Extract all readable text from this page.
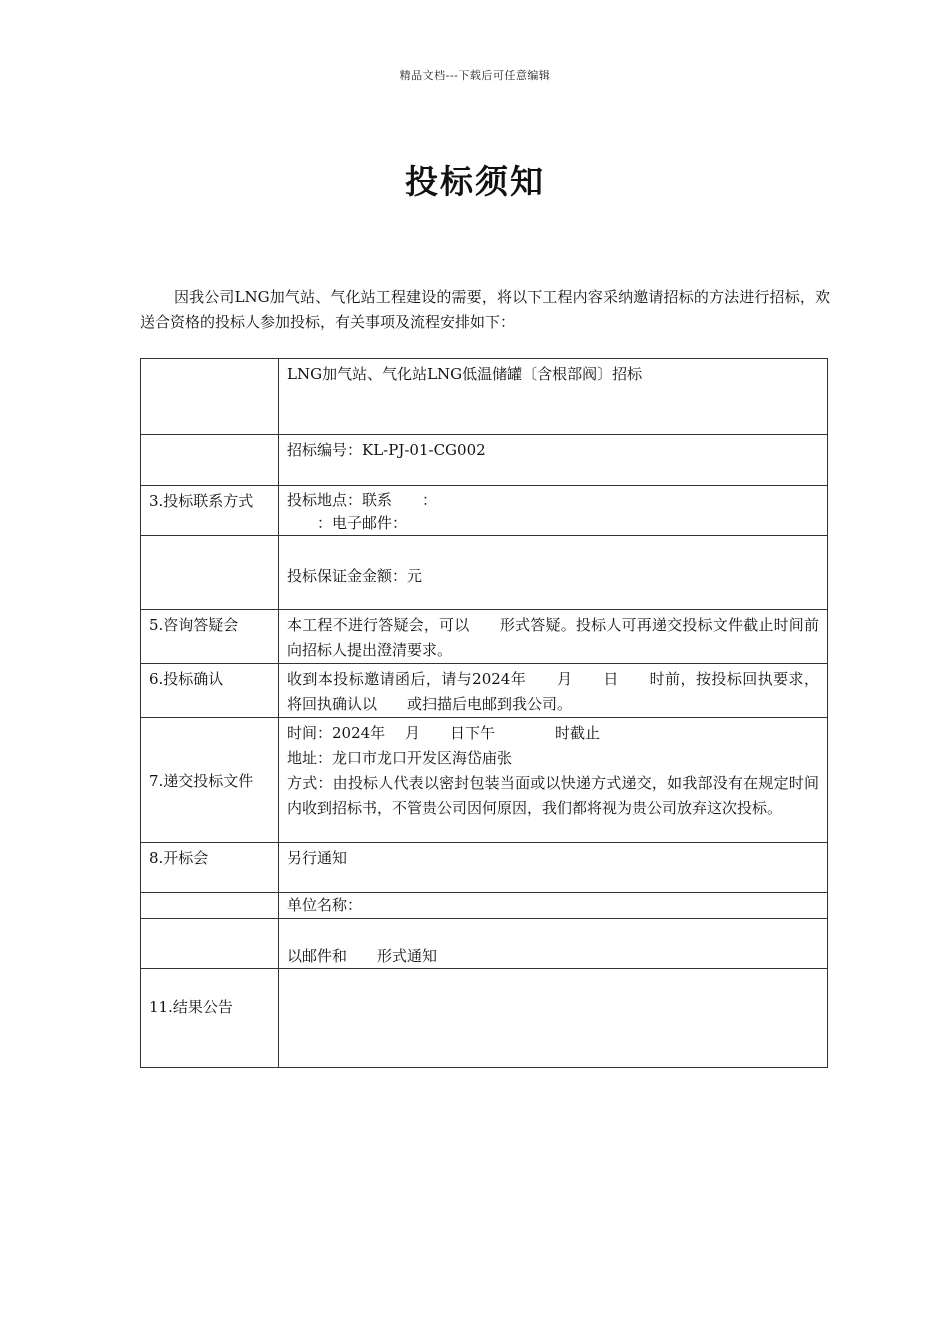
精品文档---下载后可任意编辑
投标须知

因我公司LNG加气站、气化站工程建设的需要，将以下工程内容采纳邀请招标的方法进行招标，欢送合资格的投标人参加投标，有关事项及流程安排如下：

	LNG加气站、气化站LNG低温储罐〔含根部阀〕招标

	招标编号：KL-PJ-01-CG002

3.投标联系方式	投标地点：联系　　：
　　：电子邮件：

	投标保证金金额：元

5.咨询答疑会	本工程不进行答疑会，可以　　形式答疑。投标人可再递交投标文件截止时间前向招标人提出澄清要求。

6.投标确认	收到本投标邀请函后，请与2024年　　月　　日　　时前，按投标回执要求，将回执确认以　　或扫描后电邮到我公司。

7.递交投标文件	时间：2024年　 月　　日下午　　　　时截止
地址：龙口市龙口开发区海岱庙张
方式：由投标人代表以密封包装当面或以快递方式递交，如我部没有在规定时间内收到招标书，不管贵公司因何原因，我们都将视为贵公司放弃这次投标。

8.开标会	另行通知

	单位名称：

	以邮件和　　形式通知

11.结果公告	
